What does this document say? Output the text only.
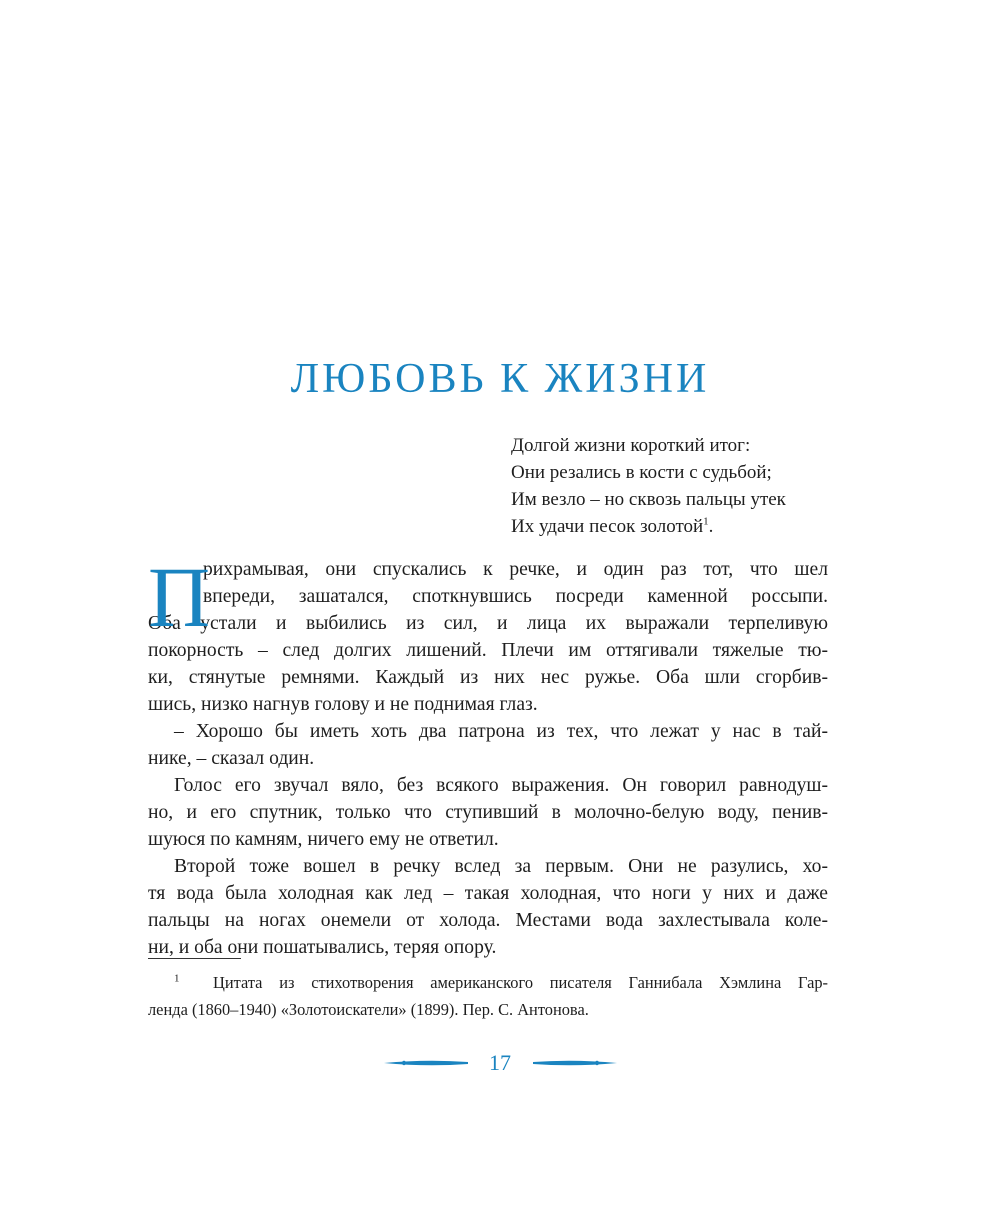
ЛЮБОВЬ К ЖИЗНИ
Долгой жизни короткий итог:
Они резались в кости с судьбой;
Им везло – но сквозь пальцы утек
Их удачи песок золотой$^1$.
П
рихрамывая, они спускались к речке, и один раз тот, что шел
впереди, зашатался, споткнувшись посреди каменной россыпи.
Оба устали и выбились из сил, и лица их выражали терпеливую
покорность – след долгих лишений. Плечи им оттягивали тяжелые тю-
ки, стянутые ремнями. Каждый из них нес ружье. Оба шли сгорбив-
шись, низко нагнув голову и не поднимая глаз.
– Хорошо бы иметь хоть два патрона из тех, что лежат у нас в тай-
нике, – сказал один.
Голос его звучал вяло, без всякого выражения. Он говорил равнодуш-
но, и его спутник, только что ступивший в молочно-белую воду, пенив-
шуюся по камням, ничего ему не ответил.
Второй тоже вошел в речку вслед за первым. Они не разулись, хо-
тя вода была холодная как лед – такая холодная, что ноги у них и даже
пальцы на ногах онемели от холода. Местами вода захлестывала коле-
ни, и оба они пошатывались, теряя опору.
$^1$ Цитата из стихотворения американского писателя Ганнибала Хэмлина Гар-
ленда (1860–1940) «Золотоискатели» (1899). Пер. С. Антонова.
17
